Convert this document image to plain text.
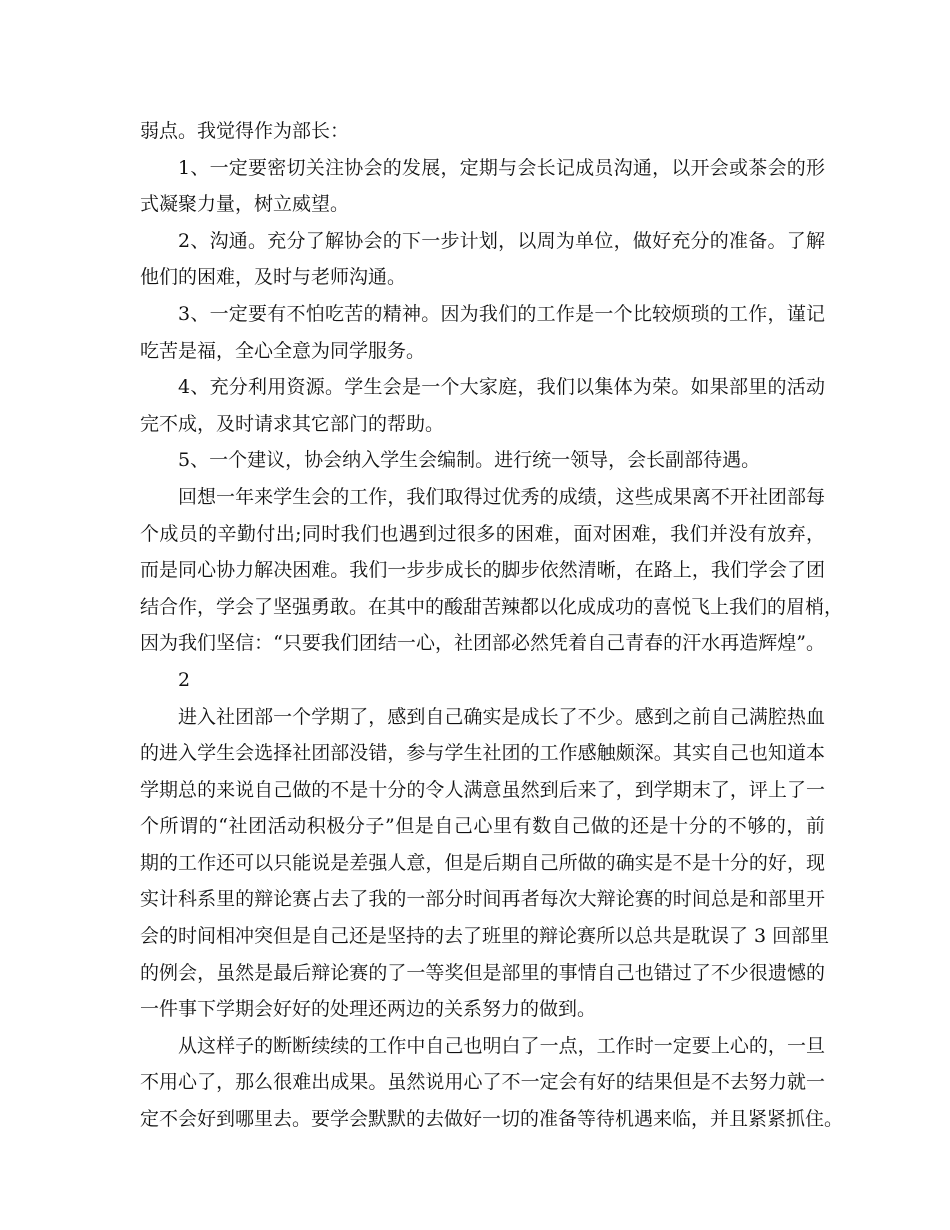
弱点。我觉得作为部长：
1、一定要密切关注协会的发展，定期与会长记成员沟通，以开会或茶会的形
式凝聚力量，树立威望。
2、沟通。充分了解协会的下一步计划，以周为单位，做好充分的准备。了解
他们的困难，及时与老师沟通。
3、一定要有不怕吃苦的精神。因为我们的工作是一个比较烦琐的工作，谨记
吃苦是福，全心全意为同学服务。
4、充分利用资源。学生会是一个大家庭，我们以集体为荣。如果部里的活动
完不成，及时请求其它部门的帮助。
5、一个建议，协会纳入学生会编制。进行统一领导，会长副部待遇。
回想一年来学生会的工作，我们取得过优秀的成绩，这些成果离不开社团部每
个成员的辛勤付出;同时我们也遇到过很多的困难，面对困难，我们并没有放弃，
而是同心协力解决困难。我们一步步成长的脚步依然清晰，在路上，我们学会了团
结合作，学会了坚强勇敢。在其中的酸甜苦辣都以化成成功的喜悦飞上我们的眉梢，
因为我们坚信：“只要我们团结一心，社团部必然凭着自己青春的汗水再造辉煌”。
2
进入社团部一个学期了，感到自己确实是成长了不少。感到之前自己满腔热血
的进入学生会选择社团部没错，参与学生社团的工作感触颇深。其实自己也知道本
学期总的来说自己做的不是十分的令人满意虽然到后来了，到学期末了，评上了一
个所谓的“社团活动积极分子”但是自己心里有数自己做的还是十分的不够的，前
期的工作还可以只能说是差强人意，但是后期自己所做的确实是不是十分的好，现
实计科系里的辩论赛占去了我的一部分时间再者每次大辩论赛的时间总是和部里开
会的时间相冲突但是自己还是坚持的去了班里的辩论赛所以总共是耽误了 3 回部里
的例会，虽然是最后辩论赛的了一等奖但是部里的事情自己也错过了不少很遗憾的
一件事下学期会好好的处理还两边的关系努力的做到。
从这样子的断断续续的工作中自己也明白了一点，工作时一定要上心的，一旦
不用心了，那么很难出成果。虽然说用心了不一定会有好的结果但是不去努力就一
定不会好到哪里去。要学会默默的去做好一切的准备等待机遇来临，并且紧紧抓住。
